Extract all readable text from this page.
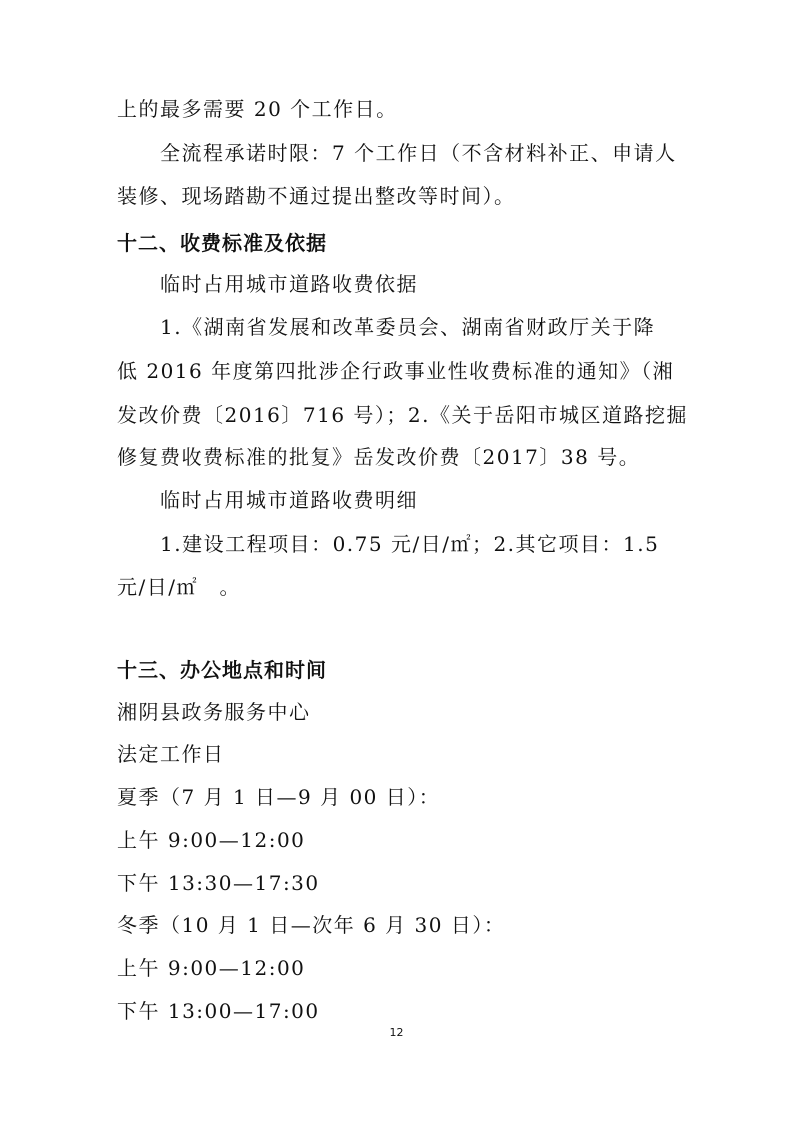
上的最多需要 20 个工作日。
全流程承诺时限：7 个工作日（不含材料补正、申请人
装修、现场踏勘不通过提出整改等时间）。
十二、收费标准及依据
临时占用城市道路收费依据
1.《湖南省发展和改革委员会、湖南省财政厅关于降
低 2016 年度第四批涉企行政事业性收费标准的通知》（湘
发改价费〔2016〕716 号）；2.《关于岳阳市城区道路挖掘
修复费收费标准的批复》岳发改价费〔2017〕38 号。
临时占用城市道路收费明细
1.建设工程项目：0.75 元/日/㎡；2.其它项目：1.5
元/日/㎡　。
十三、办公地点和时间
湘阴县政务服务中心
法定工作日
夏季（7 月 1 日—9 月 00 日）：
上午 9:00—12:00
下午 13:30—17:30
冬季（10 月 1 日—次年 6 月 30 日）：
上午 9:00—12:00
下午 13:00—17:00
12
